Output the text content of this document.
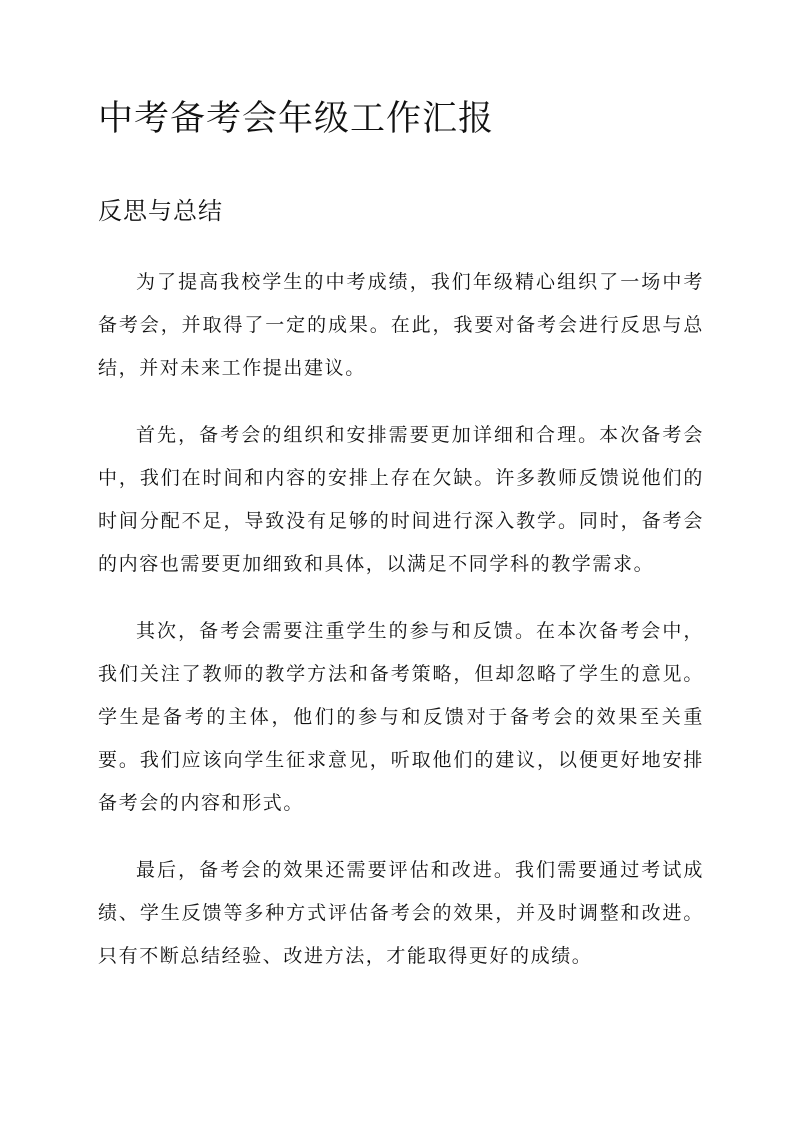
中考备考会年级工作汇报
反思与总结

为了提高我校学生的中考成绩，我们年级精心组织了一场中考备考会，并取得了一定的成果。在此，我要对备考会进行反思与总结，并对未来工作提出建议。

首先，备考会的组织和安排需要更加详细和合理。本次备考会中，我们在时间和内容的安排上存在欠缺。许多教师反馈说他们的时间分配不足，导致没有足够的时间进行深入教学。同时，备考会的内容也需要更加细致和具体，以满足不同学科的教学需求。

其次，备考会需要注重学生的参与和反馈。在本次备考会中，我们关注了教师的教学方法和备考策略，但却忽略了学生的意见。学生是备考的主体，他们的参与和反馈对于备考会的效果至关重要。我们应该向学生征求意见，听取他们的建议，以便更好地安排备考会的内容和形式。

最后，备考会的效果还需要评估和改进。我们需要通过考试成绩、学生反馈等多种方式评估备考会的效果，并及时调整和改进。只有不断总结经验、改进方法，才能取得更好的成绩。
